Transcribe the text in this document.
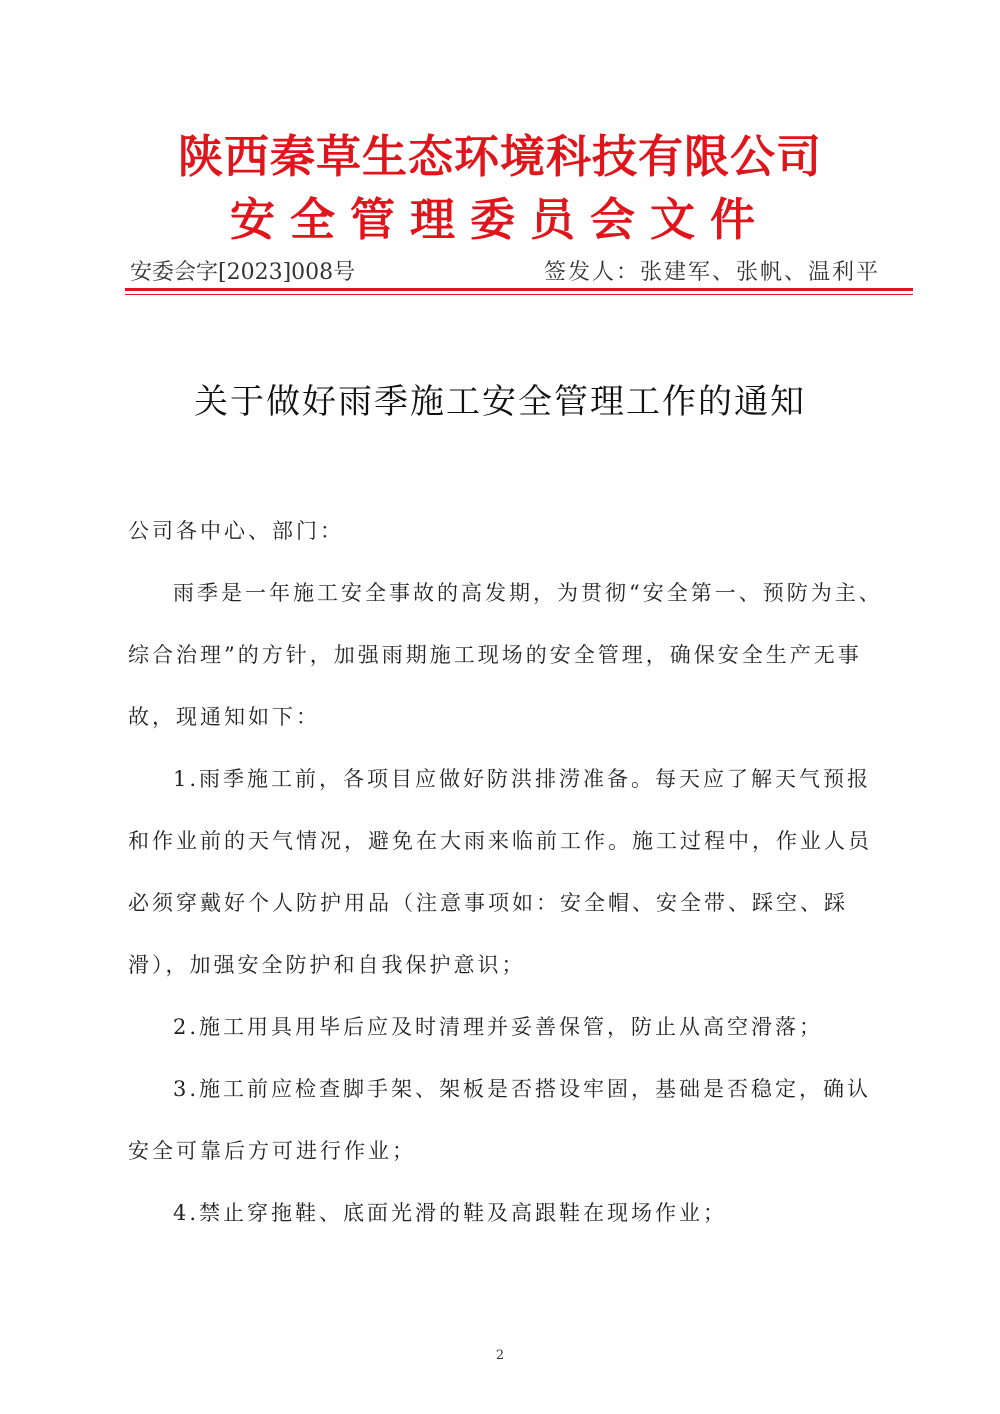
陕西秦草生态环境科技有限公司
安全管理委员会文件
安委会字[2023]008号	签发人：张建军、张帆、温利平
关于做好雨季施工安全管理工作的通知
公司各中心、部门：
雨季是一年施工安全事故的高发期，为贯彻“安全第一、预防为主、综合治理”的方针，加强雨期施工现场的安全管理，确保安全生产无事故，现通知如下：
1.雨季施工前，各项目应做好防洪排涝准备。每天应了解天气预报和作业前的天气情况，避免在大雨来临前工作。施工过程中，作业人员必须穿戴好个人防护用品（注意事项如：安全帽、安全带、踩空、踩滑），加强安全防护和自我保护意识；
2.施工用具用毕后应及时清理并妥善保管，防止从高空滑落；
3.施工前应检查脚手架、架板是否搭设牢固，基础是否稳定，确认安全可靠后方可进行作业；
4.禁止穿拖鞋、底面光滑的鞋及高跟鞋在现场作业；
2
